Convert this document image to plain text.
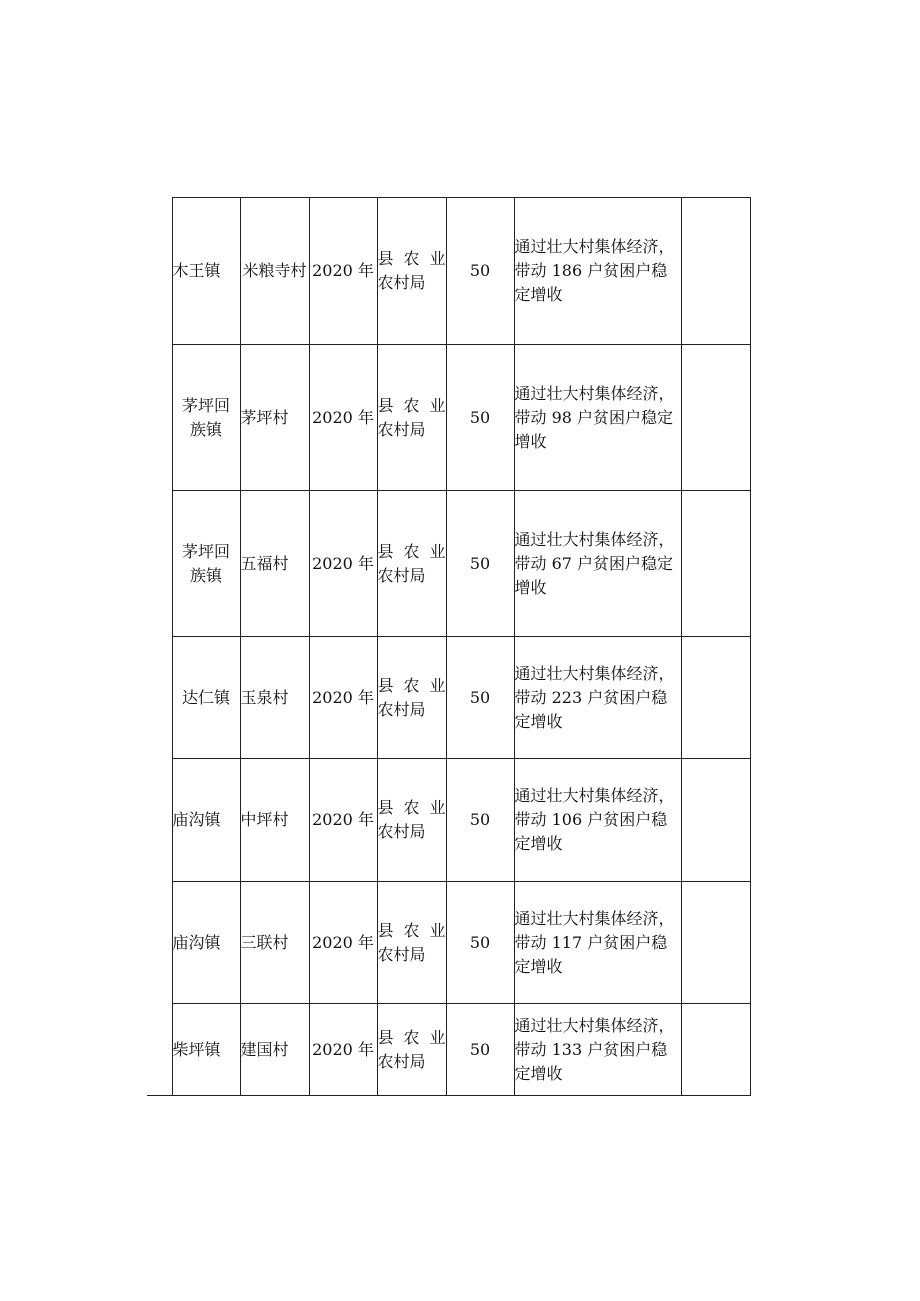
	木王镇	米粮寺村	2020 年	县 农 业
农村局	50	通过壮大村集体经济，带动 186 户贫困户稳定增收	
	茅坪回族镇	茅坪村	2020 年	县 农 业
农村局	50	通过壮大村集体经济，带动 98 户贫困户稳定增收	
	茅坪回族镇	五福村	2020 年	县 农 业
农村局	50	通过壮大村集体经济，带动 67 户贫困户稳定增收	
	达仁镇	玉泉村	2020 年	县 农 业
农村局	50	通过壮大村集体经济，带动 223 户贫困户稳定增收	
	庙沟镇	中坪村	2020 年	县 农 业
农村局	50	通过壮大村集体经济，带动 106 户贫困户稳定增收	
	庙沟镇	三联村	2020 年	县 农 业
农村局	50	通过壮大村集体经济，带动 117 户贫困户稳定增收	
	柴坪镇	建国村	2020 年	县 农 业
农村局	50	通过壮大村集体经济，带动 133 户贫困户稳定增收	
